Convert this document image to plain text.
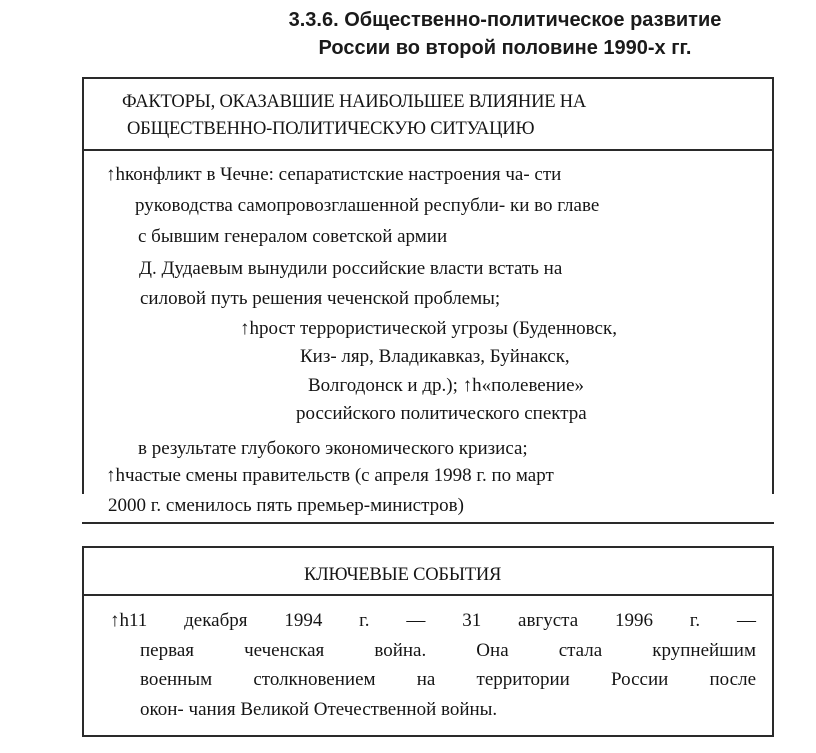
3.3.6. Общественно-политическое развитие
России во второй половине 1990-х гг.
ФАКТОРЫ, ОКАЗАВШИЕ НАИБОЛЬШЕЕ ВЛИЯНИЕ НА
ОБЩЕСТВЕННО-ПОЛИТИЧЕСКУЮ СИТУАЦИЮ
↑hконфликт в Чечне: сепаратистские настроения ча- сти
руководства самопровозглашенной республи- ки во главе
с бывшим генералом советской армии
Д. Дудаевым вынудили российские власти встать на
силовой путь решения чеченской проблемы;
↑hрост террористической угрозы (Буденновск,
Киз- ляр, Владикавказ, Буйнакск,
Волгодонск и др.); ↑h«полевение»
российского политического спектра
в результате глубокого экономического кризиса;
↑hчастые смены правительств (с апреля 1998 г. по март
2000 г. сменилось пять премьер-министров)
КЛЮЧЕВЫЕ СОБЫТИЯ
↑h11 декабря 1994 г. — 31 августа 1996 г. —
первая чеченская война. Она стала крупнейшим
военным столкновением на территории России после
окон- чания Великой Отечественной войны.
